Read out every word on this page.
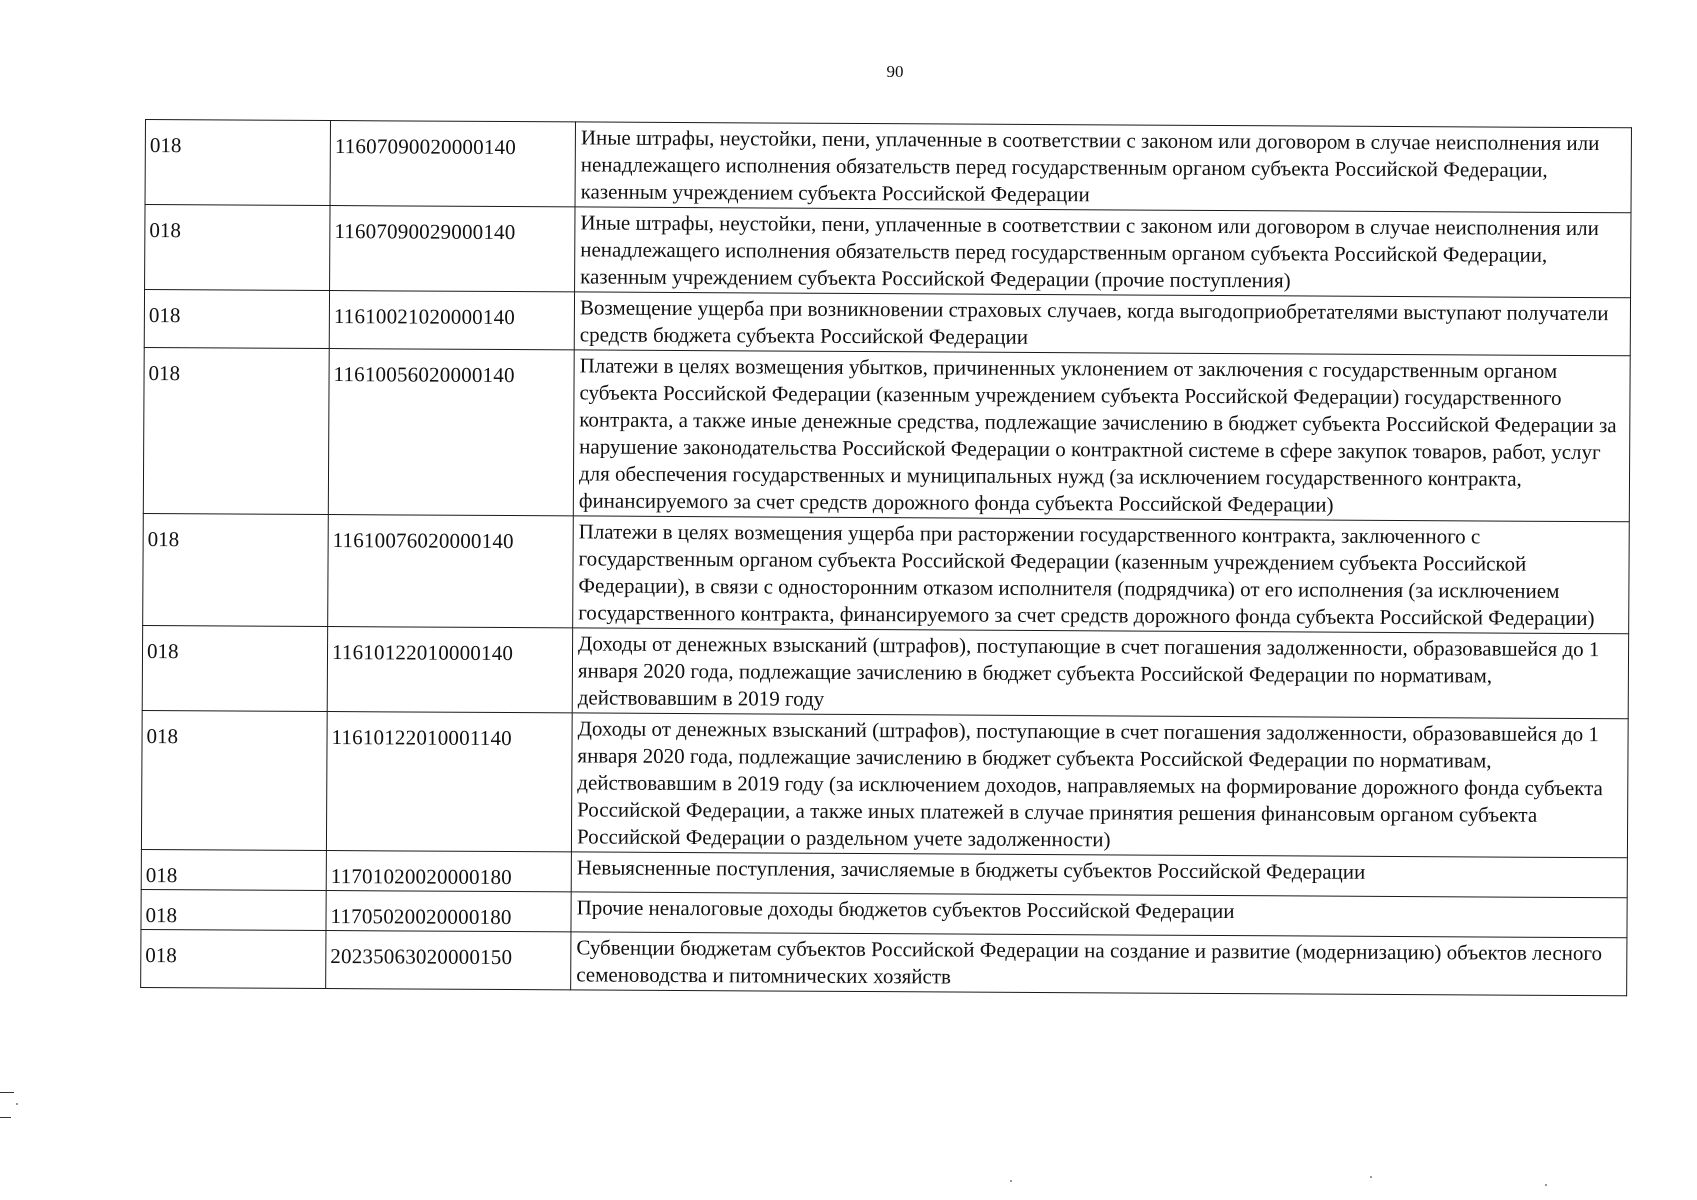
90
018	11607090020000140	Иные штрафы, неустойки, пени, уплаченные в соответствии с законом или договором в случае неисполнения или ненадлежащего исполнения обязательств перед государственным органом субъекта Российской Федерации, казенным учреждением субъекта Российской Федерации
018	11607090029000140	Иные штрафы, неустойки, пени, уплаченные в соответствии с законом или договором в случае неисполнения или ненадлежащего исполнения обязательств перед государственным органом субъекта Российской Федерации, казенным учреждением субъекта Российской Федерации (прочие поступления)
018	11610021020000140	Возмещение ущерба при возникновении страховых случаев, когда выгодоприобретателями выступают получатели средств бюджета субъекта Российской Федерации
018	11610056020000140	Платежи в целях возмещения убытков, причиненных уклонением от заключения с государственным органом субъекта Российской Федерации (казенным учреждением субъекта Российской Федерации) государственного контракта, а также иные денежные средства, подлежащие зачислению в бюджет субъекта Российской Федерации за нарушение законодательства Российской Федерации о контрактной системе в сфере закупок товаров, работ, услуг для обеспечения государственных и муниципальных нужд (за исключением государственного контракта, финансируемого за счет средств дорожного фонда субъекта Российской Федерации)
018	11610076020000140	Платежи в целях возмещения ущерба при расторжении государственного контракта, заключенного с государственным органом субъекта Российской Федерации (казенным учреждением субъекта Российской Федерации), в связи с односторонним отказом исполнителя (подрядчика) от его исполнения (за исключением государственного контракта, финансируемого за счет средств дорожного фонда субъекта Российской Федерации)
018	11610122010000140	Доходы от денежных взысканий (штрафов), поступающие в счет погашения задолженности, образовавшейся до 1 января 2020 года, подлежащие зачислению в бюджет субъекта Российской Федерации по нормативам, действовавшим в 2019 году
018	11610122010001140	Доходы от денежных взысканий (штрафов), поступающие в счет погашения задолженности, образовавшейся до 1 января 2020 года, подлежащие зачислению в бюджет субъекта Российской Федерации по нормативам, действовавшим в 2019 году (за исключением доходов, направляемых на формирование дорожного фонда субъекта Российской Федерации, а также иных платежей в случае принятия решения финансовым органом субъекта Российской Федерации о раздельном учете задолженности)
018	11701020020000180	Невыясненные поступления, зачисляемые в бюджеты субъектов Российской Федерации
018	11705020020000180	Прочие неналоговые доходы бюджетов субъектов Российской Федерации
018	20235063020000150	Субвенции бюджетам субъектов Российской Федерации на создание и развитие (модернизацию) объектов лесного семеноводства и питомнических хозяйств
